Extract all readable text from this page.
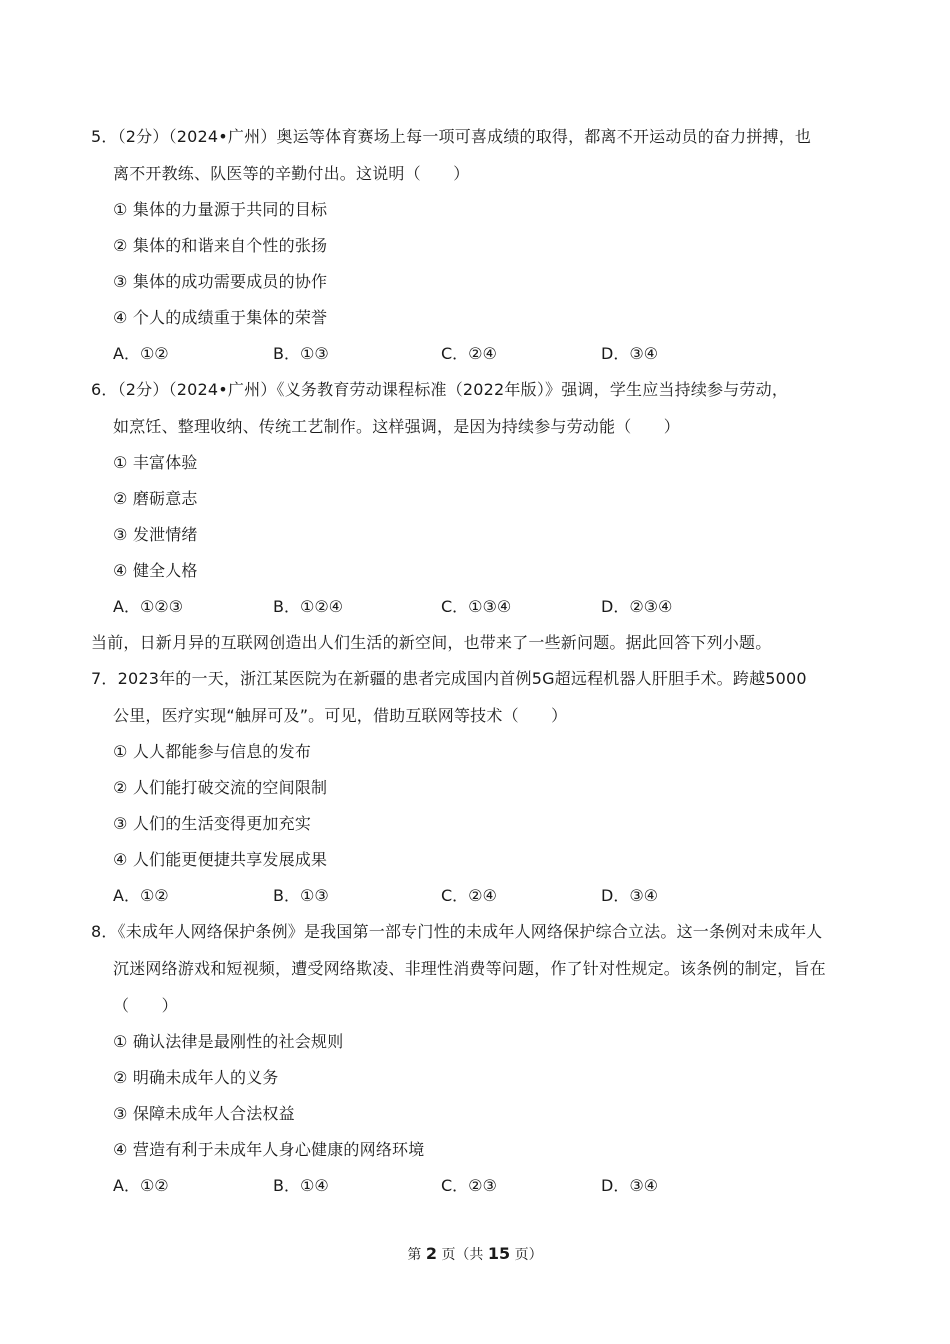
5．（2分）（2024•广州）奥运等体育赛场上每一项可喜成绩的取得，都离不开运动员的奋力拼搏，也
离不开教练、队医等的辛勤付出。这说明（　　）
① 集体的力量源于共同的目标
② 集体的和谐来自个性的张扬
③ 集体的成功需要成员的协作
④ 个人的成绩重于集体的荣誉
A．①②	B．①③	C．②④	D．③④
6．（2分）（2024•广州）《义务教育劳动课程标准（2022年版）》强调，学生应当持续参与劳动，
如烹饪、整理收纳、传统工艺制作。这样强调，是因为持续参与劳动能（　　）
① 丰富体验
② 磨砺意志
③ 发泄情绪
④ 健全人格
A．①②③	B．①②④	C．①③④	D．②③④
当前，日新月异的互联网创造出人们生活的新空间，也带来了一些新问题。据此回答下列小题。
7．2023年的一天，浙江某医院为在新疆的患者完成国内首例5G超远程机器人肝胆手术。跨越5000
公里，医疗实现“触屏可及”。可见，借助互联网等技术（　　）
① 人人都能参与信息的发布
② 人们能打破交流的空间限制
③ 人们的生活变得更加充实
④ 人们能更便捷共享发展成果
A．①②	B．①③	C．②④	D．③④
8．《未成年人网络保护条例》是我国第一部专门性的未成年人网络保护综合立法。这一条例对未成年人
沉迷网络游戏和短视频，遭受网络欺凌、非理性消费等问题，作了针对性规定。该条例的制定，旨在
（　　）
① 确认法律是最刚性的社会规则
② 明确未成年人的义务
③ 保障未成年人合法权益
④ 营造有利于未成年人身心健康的网络环境
A．①②	B．①④	C．②③	D．③④
第 2 页（共 15 页）
